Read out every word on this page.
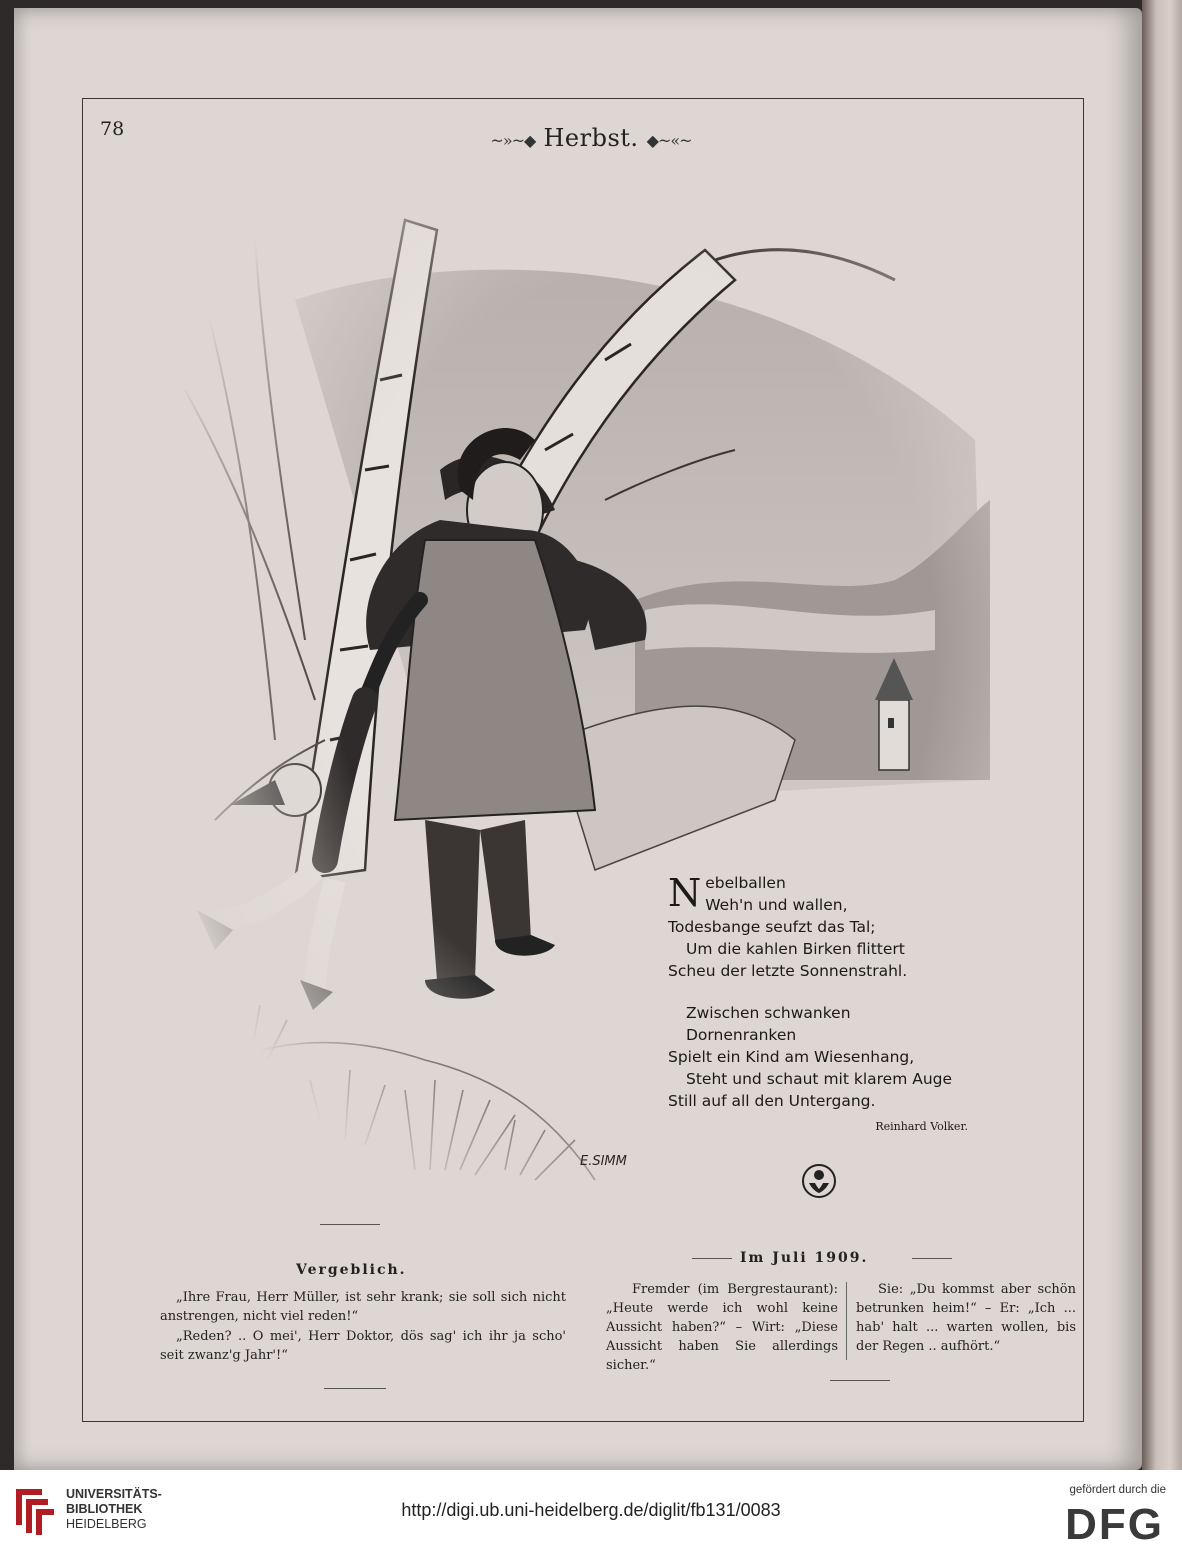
78
~»~◆ Herbst. ◆~«~
E.SIMM
N ebelballen
Weh'n und wallen,
Todesbange seufzt das Tal;
Um die kahlen Birken flittert
Scheu der letzte Sonnenstrahl.
Zwischen schwanken
Dornenranken
Spielt ein Kind am Wiesenhang,
Steht und schaut mit klarem Auge
Still auf all den Untergang.
Reinhard Volker.
Vergeblich.
„Ihre Frau, Herr Müller, ist sehr krank; sie soll sich nicht anstrengen, nicht viel reden!“
„Reden? .. O mei', Herr Doktor, dös sag' ich ihr ja scho' seit zwanz'g Jahr'!“
Im Juli 1909.
Fremder (im Bergrestaurant): „Heute werde ich wohl keine Aussicht haben?“ – Wirt: „Diese Aussicht haben Sie allerdings sicher.“
Sie: „Du kommst aber schön betrunken heim!“ – Er: „Ich ... hab' halt ... warten wollen, bis der Regen .. aufhört.“
UNIVERSITÄTS-
BIBLIOTHEK
HEIDELBERG
http://digi.ub.uni-heidelberg.de/diglit/fb131/0083
gefördert durch die
DFG
